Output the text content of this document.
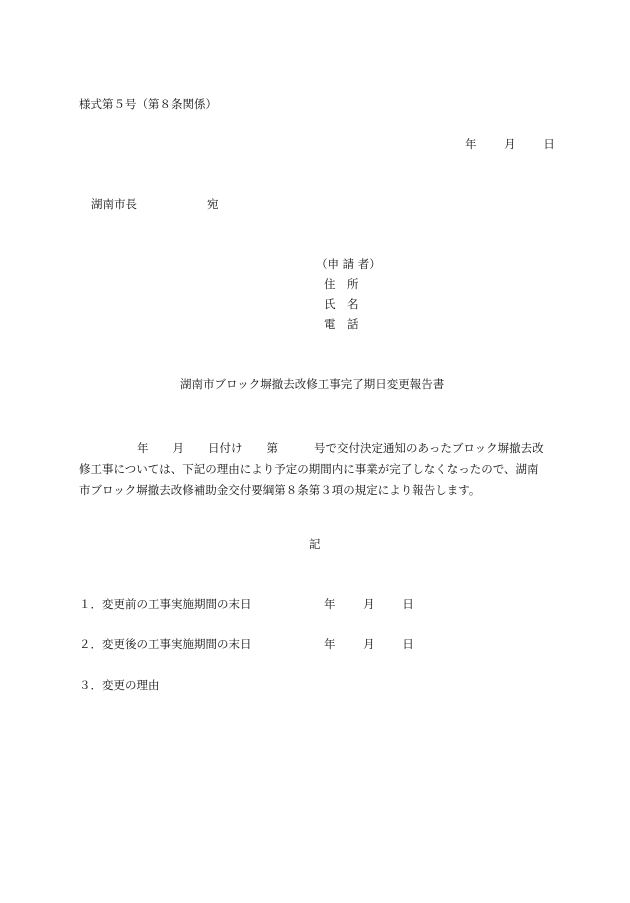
様式第５号（第８条関係）
年 月 日
湖南市長	宛
（申 請 者）
住　所
氏　名
電　話
湖南市ブロック塀撤去改修工事完了期日変更報告書
年 月 日付け 第	号で交付決定通知のあったブロック塀撤去改
修工事については、下記の理由により予定の期間内に事業が完了しなくなったので、湖南
市ブロック塀撤去改修補助金交付要綱第８条第３項の規定により報告します。
記
１．変更前の工事実施期間の末日	年 月 日
２．変更後の工事実施期間の末日	年 月 日
３．変更の理由
